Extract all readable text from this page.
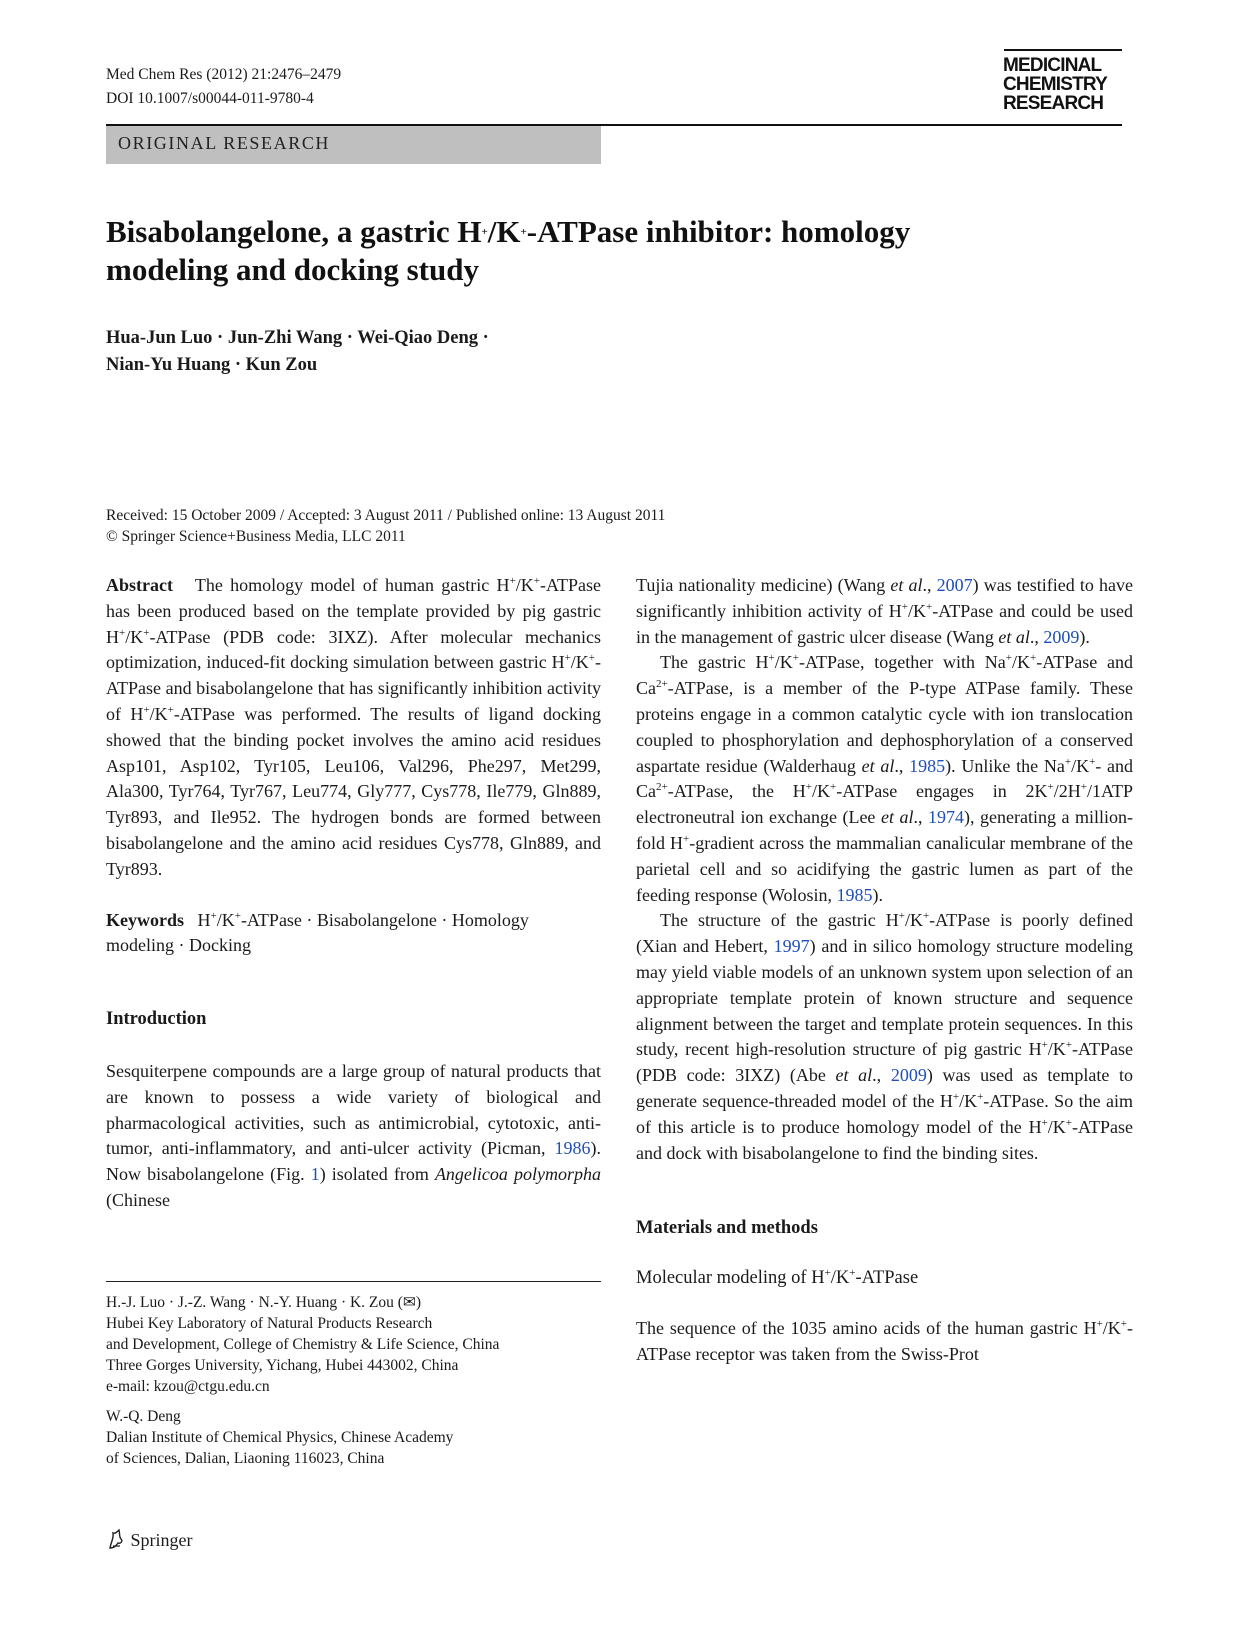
Med Chem Res (2012) 21:2476–2479
DOI 10.1007/s00044-011-9780-4
MEDICINAL
CHEMISTRY
RESEARCH
ORIGINAL RESEARCH
Bisabolangelone, a gastric H+/K+-ATPase inhibitor: homology modeling and docking study
Hua-Jun Luo · Jun-Zhi Wang · Wei-Qiao Deng ·
Nian-Yu Huang · Kun Zou
Received: 15 October 2009 / Accepted: 3 August 2011 / Published online: 13 August 2011
© Springer Science+Business Media, LLC 2011

Abstract The homology model of human gastric H+/K+-ATPase has been produced based on the template provided by pig gastric H+/K+-ATPase (PDB code: 3IXZ). After molecular mechanics optimization, induced-fit docking simulation between gastric H+/K+-ATPase and bisabolangelone that has significantly inhibition activity of H+/K+-ATPase was performed. The results of ligand docking showed that the binding pocket involves the amino acid residues Asp101, Asp102, Tyr105, Leu106, Val296, Phe297, Met299, Ala300, Tyr764, Tyr767, Leu774, Gly777, Cys778, Ile779, Gln889, Tyr893, and Ile952. The hydrogen bonds are formed between bisabolangelone and the amino acid residues Cys778, Gln889, and Tyr893.

Keywords H+/K+-ATPase · Bisabolangelone · Homology modeling · Docking

Introduction

Sesquiterpene compounds are a large group of natural products that are known to possess a wide variety of biological and pharmacological activities, such as antimicrobial, cytotoxic, anti-tumor, anti-inflammatory, and anti-ulcer activity (Picman, 1986). Now bisabolangelone (Fig. 1) isolated from Angelicoa polymorpha (Chinese

H.-J. Luo · J.-Z. Wang · N.-Y. Huang · K. Zou (✉)
Hubei Key Laboratory of Natural Products Research
and Development, College of Chemistry & Life Science, China
Three Gorges University, Yichang, Hubei 443002, China
e-mail: kzou@ctgu.edu.cn
W.-Q. Deng
Dalian Institute of Chemical Physics, Chinese Academy
of Sciences, Dalian, Liaoning 116023, China

Tujia nationality medicine) (Wang et al., 2007) was testified to have significantly inhibition activity of H+/K+-ATPase and could be used in the management of gastric ulcer disease (Wang et al., 2009).

The gastric H+/K+-ATPase, together with Na+/K+-ATPase and $Ca^{2+}$-ATPase, is a member of the P-type ATPase family. These proteins engage in a common catalytic cycle with ion translocation coupled to phosphorylation and dephosphorylation of a conserved aspartate residue (Walderhaug et al., 1985). Unlike the Na+/K+- and $Ca^{2+}$-ATPase, the H+/K+-ATPase engages in 2K+/2H+/1ATP electroneutral ion exchange (Lee et al., 1974), generating a million-fold H+-gradient across the mammalian canalicular membrane of the parietal cell and so acidifying the gastric lumen as part of the feeding response (Wolosin, 1985).

The structure of the gastric H+/K+-ATPase is poorly defined (Xian and Hebert, 1997) and in silico homology structure modeling may yield viable models of an unknown system upon selection of an appropriate template protein of known structure and sequence alignment between the target and template protein sequences. In this study, recent high-resolution structure of pig gastric H+/K+-ATPase (PDB code: 3IXZ) (Abe et al., 2009) was used as template to generate sequence-threaded model of the H+/K+-ATPase. So the aim of this article is to produce homology model of the H+/K+-ATPase and dock with bisabolangelone to find the binding sites.

Materials and methods

Molecular modeling of H+/K+-ATPase

The sequence of the 1035 amino acids of the human gastric H+/K+-ATPase receptor was taken from the Swiss-Prot

Springer
